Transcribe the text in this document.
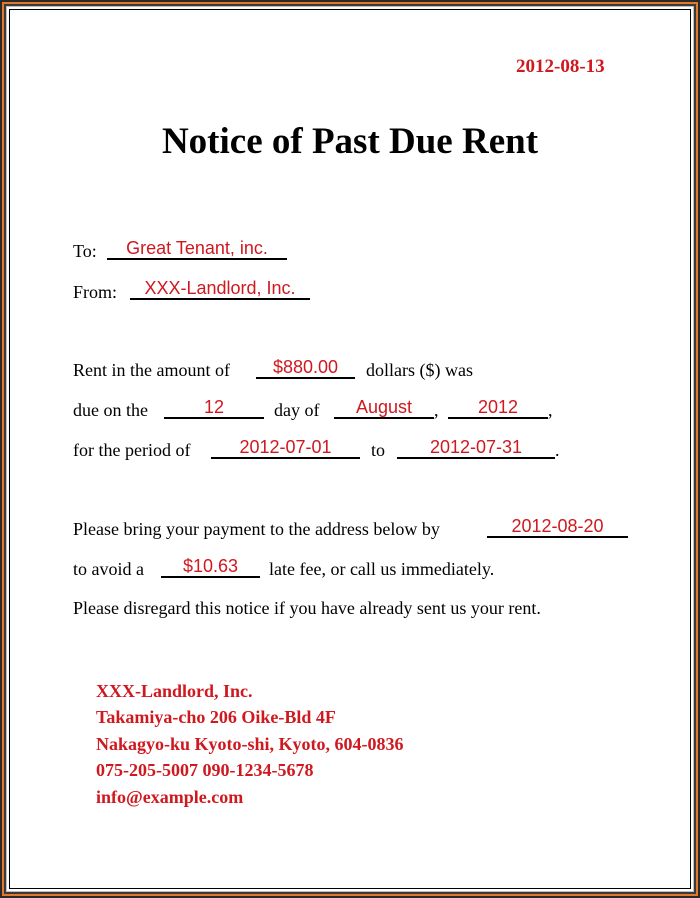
2012-08-13
Notice of Past Due Rent
To:	Great Tenant, inc.
From:	XXX-Landlord, Inc.
Rent in the amount of	$880.00	dollars ($) was
due on the	12	day of	August	,	2012	,
for the period of	2012-07-01	to	2012-07-31	.
Please bring your payment to the address below by	2012-08-20
to avoid a	$10.63	late fee, or call us immediately.
Please disregard this notice if you have already sent us your rent.
XXX-Landlord, Inc.
Takamiya-cho 206 Oike-Bld 4F
Nakagyo-ku Kyoto-shi, Kyoto, 604-0836
075-205-5007 090-1234-5678
info@example.com
